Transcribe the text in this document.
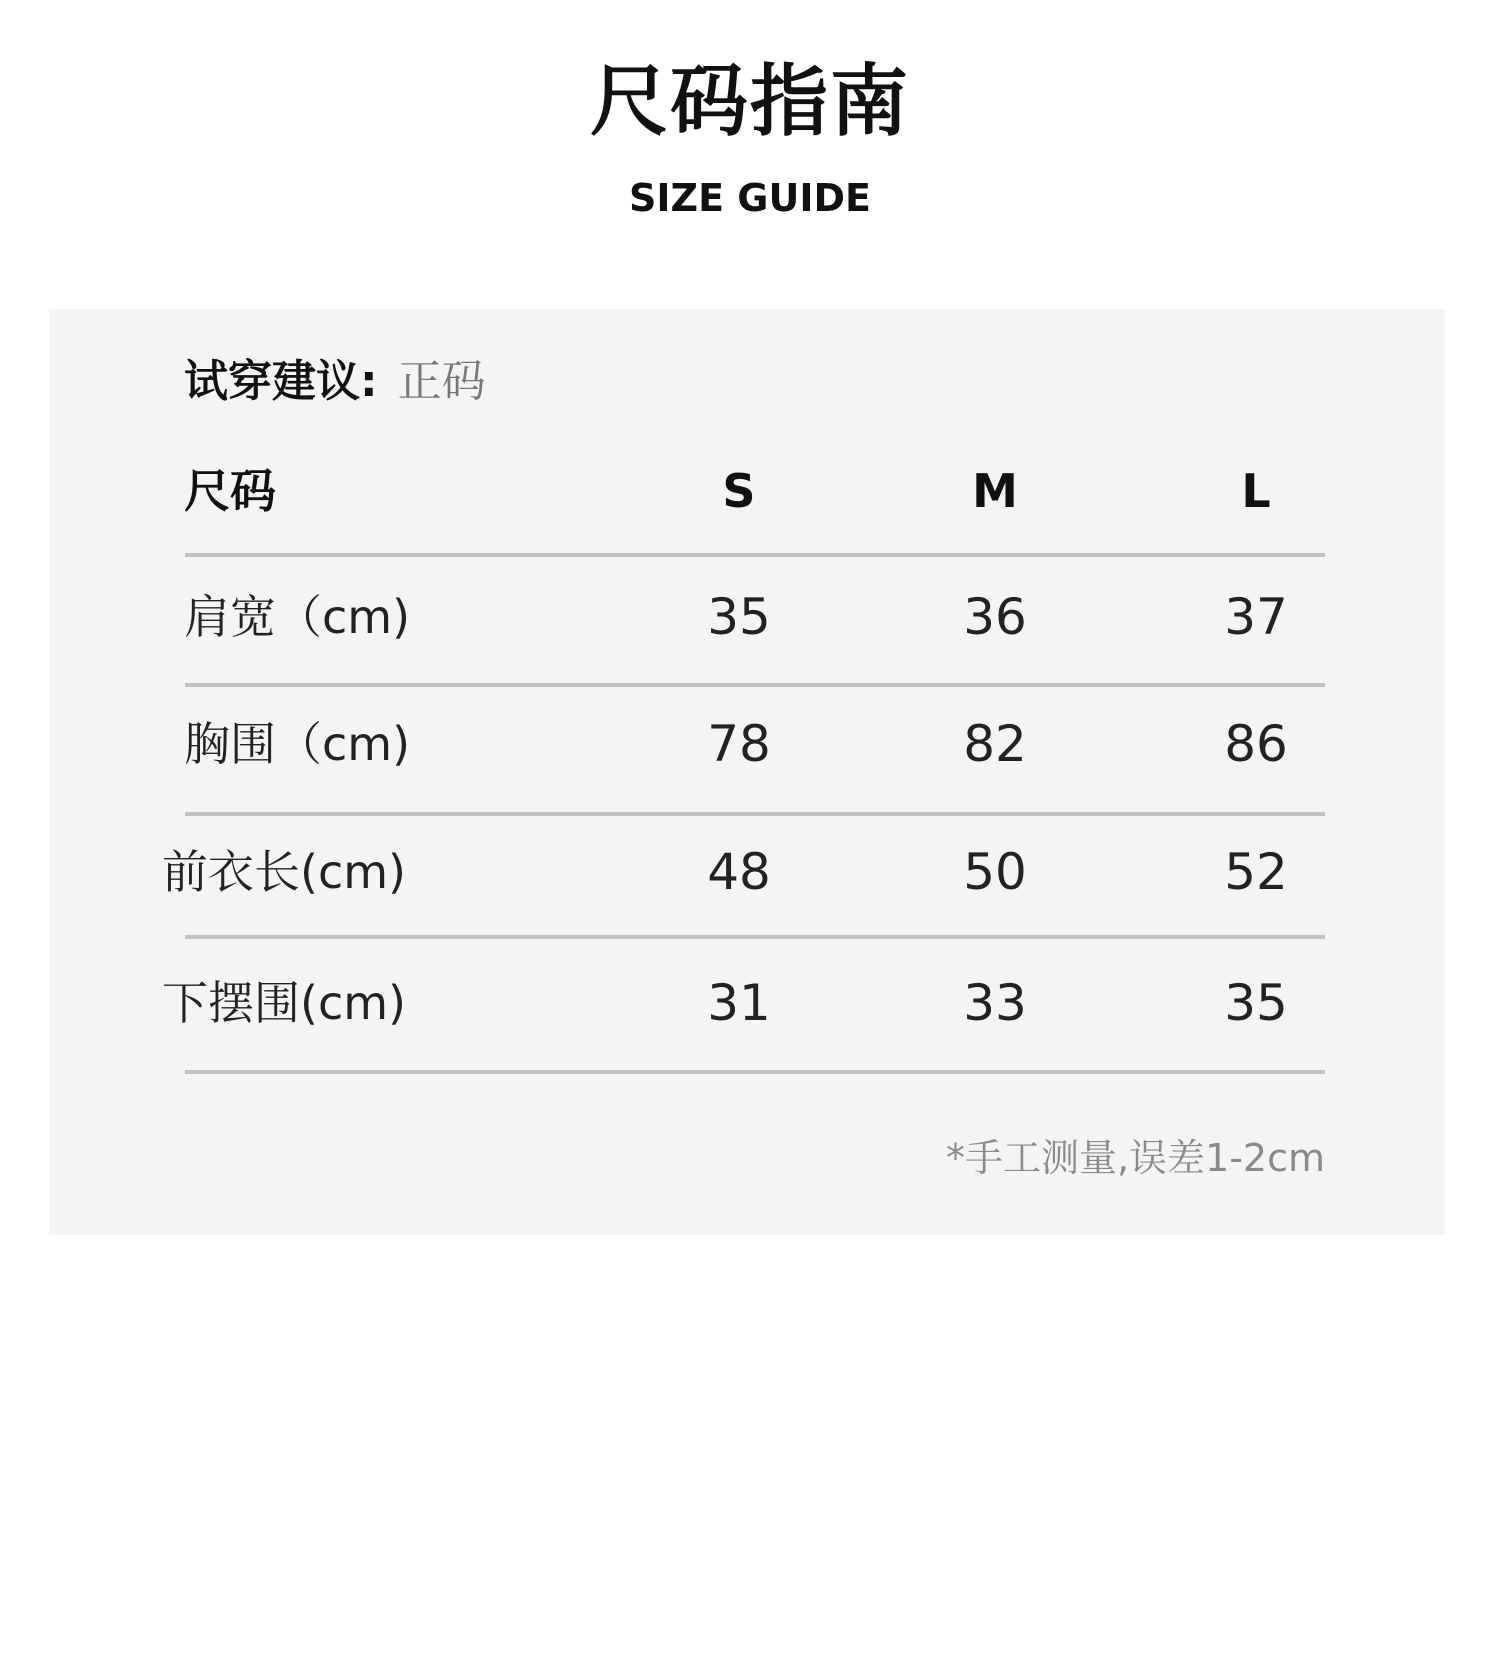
尺码指南
SIZE GUIDE
试穿建议: 正码
尺码	S	M	L
肩宽（cm)	35	36	37
胸围（cm)	78	82	86
前衣长(cm)	48	50	52
下摆围(cm)	31	33	35
*手工测量,误差1-2cm
